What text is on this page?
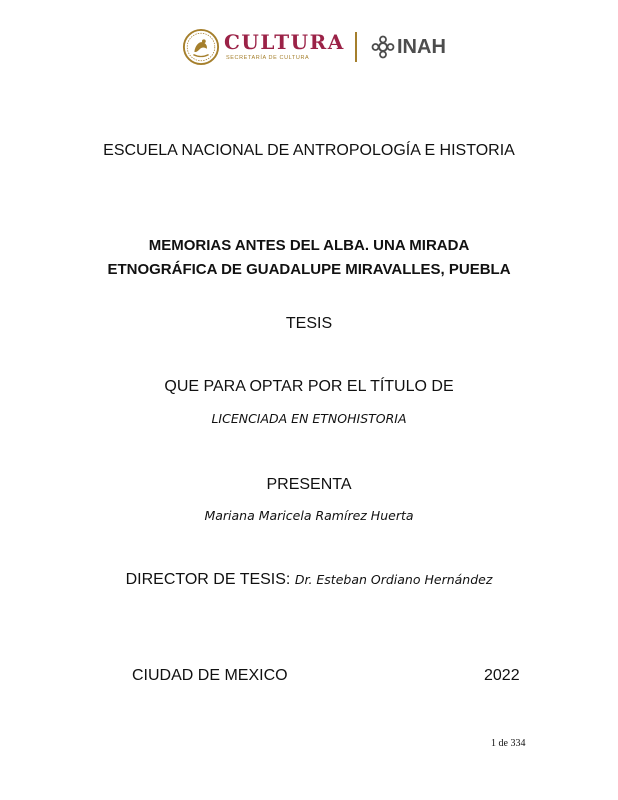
CULTURA
SECRETARÍA DE CULTURA	INAH
ESCUELA NACIONAL DE ANTROPOLOGÍA E HISTORIA
MEMORIAS ANTES DEL ALBA. UNA MIRADA
ETNOGRÁFICA DE GUADALUPE MIRAVALLES, PUEBLA
TESIS
QUE PARA OPTAR POR EL TÍTULO DE
LICENCIADA EN ETNOHISTORIA
PRESENTA
Mariana Maricela Ramírez Huerta
DIRECTOR DE TESIS: Dr. Esteban Ordiano Hernández
CIUDAD DE MEXICO	2022
1 de 334
